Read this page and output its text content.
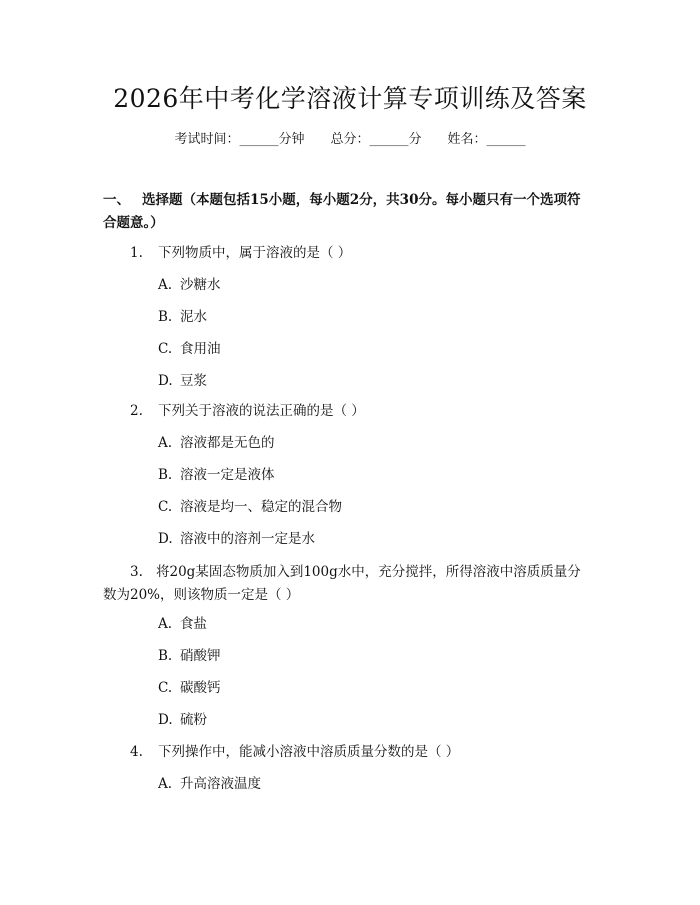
2026年中考化学溶液计算专项训练及答案
考试时间：______分钟 总分：______分 姓名：______
一、 选择题（本题包括15小题，每小题2分，共30分。每小题只有一个选项符
合题意。）
1. 下列物质中，属于溶液的是（ ）
A. 沙糖水
B. 泥水
C. 食用油
D. 豆浆
2. 下列关于溶液的说法正确的是（ ）
A. 溶液都是无色的
B. 溶液一定是液体
C. 溶液是均一、稳定的混合物
D. 溶液中的溶剂一定是水
3. 将20g某固态物质加入到100g水中，充分搅拌，所得溶液中溶质质量分
数为20%，则该物质一定是（ ）
A. 食盐
B. 硝酸钾
C. 碳酸钙
D. 硫粉
4. 下列操作中，能减小溶液中溶质质量分数的是（ ）
A. 升高溶液温度
